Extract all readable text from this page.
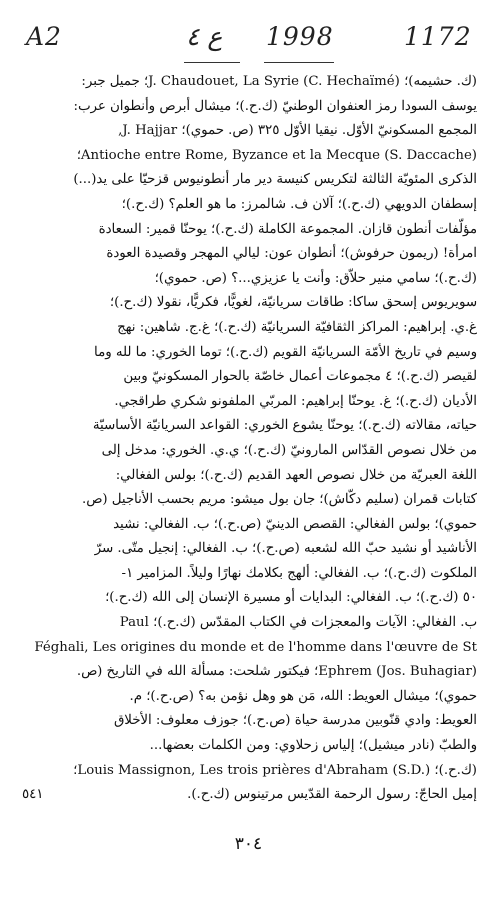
A2	ع ٤ 1998	1172
(ك. حشيمه)؛ J. Chaudouet, La Syrie (C. Hechaïmé)؛ جميل جبر:
يوسف السودا رمز العنفوان الوطنيّ (ك.ح.)؛ ميشال أبرص وأنطوان عرب:
المجمع المسكونيّ الأوّل. نيقيا الأوّل ٣٢٥ (ص. حموي)؛ J. Hajjar,
Antioche entre Rome, Byzance et la Mecque (S. Daccache)؛
الذكرى المئويّة الثالثة لتكريس كنيسة دير مار أنطونيوس قزحيّا على يد(...)
إسطفان الدويهي (ك.ح.)؛ آلان ف. شالمرز: ما هو العلم؟ (ك.ح.)؛
مؤلّفات أنطون قازان. المجموعة الكاملة (ك.ح.)؛ يوحنّا قمير: السعادة
امرأة! (ريمون حرفوش)؛ أنطوان عون: ليالي المهجر وقصيدة العودة
(ك.ح.)؛ سامي منير حلاّق: وأنت يا عزيزي...؟ (ص. حموي)؛
سويريوس إسحق ساكا: طاقات سريانيّة، لغويًّا، فكريًّا، نقولا (ك.ح.)؛
غ.ي. إبراهيم: المراكز الثقافيّة السريانيّة (ك.ح.)؛ غ.ج. شاهين: نهج
وسيم في تاريخ الأمّة السريانيّة القويم (ك.ح.)؛ توما الخوري: ما لله وما
لقيصر (ك.ح.)؛ ٤ مجموعات أعمال خاصّة بالحوار المسكونيّ وبين
الأديان (ك.ح.)؛ غ. يوحنّا إبراهيم: المربّي الملفونو شكري طراقجي.
حياته، مقالاته (ك.ح.)؛ يوحنّا يشوع الخوري: القواعد السريانيّة الأساسيّة
من خلال نصوص القدّاس المارونيّ (ك.ح.)؛ ي.ي. الخوري: مدخل إلى
اللغة العبريّة من خلال نصوص العهد القديم (ك.ح.)؛ بولس الفغالي:
كتابات قمران (سليم دكّاش)؛ جان بول ميشو: مريم بحسب الأناجيل (ص.
حموي)؛ بولس الفغالي: القصص الدينيّ (ص.ح.)؛ ب. الفغالي: نشيد
الأناشيد أو نشيد حبّ الله لشعبه (ص.ح.)؛ ب. الفغالي: إنجيل متّى. سرّ
الملكوت (ك.ح.)؛ ب. الفغالي: ألهج بكلامك نهارًا وليلاً. المزامير ١-
٥٠ (ك.ح.)؛ ب. الفغالي: البدايات أو مسيرة الإنسان إلى الله (ك.ح.)؛
ب. الفغالي: الآيات والمعجزات في الكتاب المقدّس (ك.ح.)؛ Paul
Féghali, Les origines du monde et de l'homme dans l'œuvre de St
Ephrem (Jos. Buhagiar)؛ فيكتور شلحت: مسألة الله في التاريخ (ص.
حموي)؛ ميشال العويط: الله، مَن هو وهل نؤمن به؟ (ص.ح.)؛ م.
العويط: وادي قنّوبين مدرسة حياة (ص.ح.)؛ جوزف معلوف: الأخلاق
والطبّ (نادر ميشيل)؛ إلياس زحلاوي: ومن الكلمات بعضها...
(ك.ح.)؛ Louis Massignon, Les trois prières d'Abraham (S.D.)؛
إميل الحاجّ: رسول الرحمة القدّيس مرتينوس (ك.ح.).
٥٤١
٣٠٤
